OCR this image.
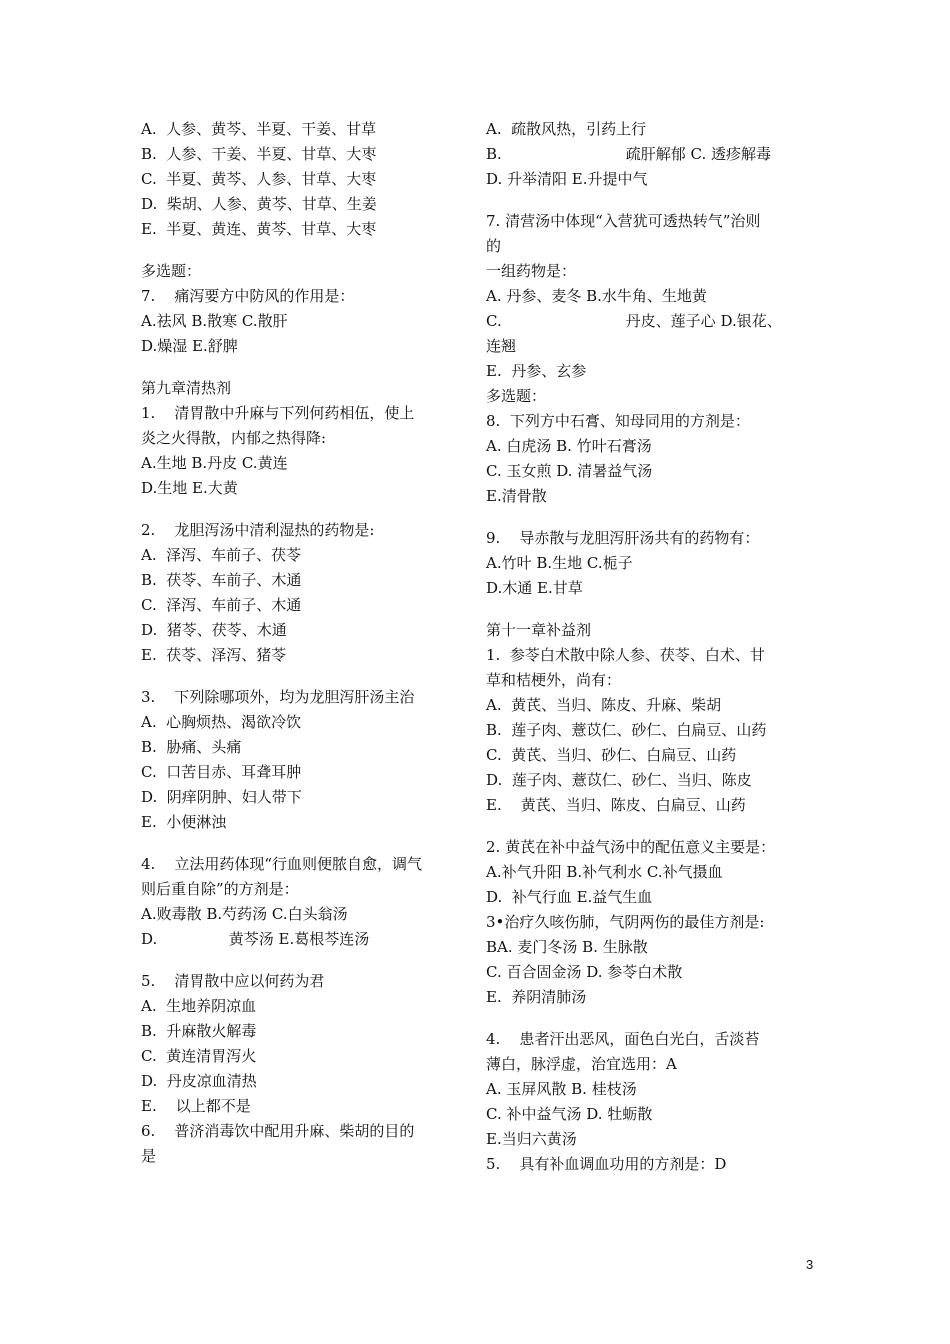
A.  人参、黄芩、半夏、干姜、甘草
B.  人参、干姜、半夏、甘草、大枣
C.  半夏、黄芩、人参、甘草、大枣
D.  柴胡、人参、黄芩、甘草、生姜
E.  半夏、黄连、黄芩、甘草、大枣
多选题：
7.    痛泻要方中防风的作用是：
A.祛风 B.散寒 C.散肝
D.燥湿 E.舒脾
第九章清热剂
1.    清胃散中升麻与下列何药相伍，使上
炎之火得散，内郁之热得降:
A.生地 B.丹皮 C.黄连
D.生地 E.大黄
2.    龙胆泻汤中清利湿热的药物是:
A.  泽泻、车前子、茯苓
B.  茯苓、车前子、木通
C.  泽泻、车前子、木通
D.  猪苓、茯苓、木通
E.  茯苓、泽泻、猪苓
3.    下列除哪项外，均为龙胆泻肝汤主治
A.  心胸烦热、渴欲冷饮
B.  胁痛、头痛
C.  口苦目赤、耳聋耳肿
D.  阴痒阴肿、妇人带下
E.  小便淋浊
4.    立法用药体现“行血则便脓自愈，调气
则后重自除”的方剂是：
A.败毒散 B.芍药汤 C.白头翁汤
D.               黄芩汤 E.葛根芩连汤
5.    清胃散中应以何药为君
A.  生地养阴凉血
B.  升麻散火解毒
C.  黄连清胃泻火
D.  丹皮凉血清热
E.    以上都不是
6.    普济消毒饮中配用升麻、柴胡的目的
是
A.  疏散风热，引药上行
B.                          疏肝解郁 C. 透疹解毒
D. 升举清阳 E.升提中气
7. 清营汤中体现“入营犹可透热转气”治则
的
一组药物是：
A. 丹参、麦冬 B.水牛角、生地黄
C.                          丹皮、莲子心 D.银花、
连翘
E.  丹参、玄参
多选题：
8.  下列方中石膏、知母同用的方剂是：
A. 白虎汤 B. 竹叶石膏汤
C. 玉女煎 D. 清暑益气汤
E.清骨散
9.    导赤散与龙胆泻肝汤共有的药物有：
A.竹叶 B.生地 C.栀子
D.木通 E.甘草
第十一章补益剂
1.  参苓白术散中除人参、茯苓、白术、甘
草和桔梗外，尚有：
A.  黄芪、当归、陈皮、升麻、柴胡
B.  莲子肉、薏苡仁、砂仁、白扁豆、山药
C.  黄芪、当归、砂仁、白扁豆、山药
D.  莲子肉、薏苡仁、砂仁、当归、陈皮
E.    黄芪、当归、陈皮、白扁豆、山药
2. 黄芪在补中益气汤中的配伍意义主要是：
A.补气升阳 B.补气利水 C.补气摄血
D.  补气行血 E.益气生血
3•治疗久咳伤肺，气阴两伤的最佳方剂是:
BA. 麦门冬汤 B. 生脉散
C. 百合固金汤 D. 参苓白术散
E.  养阴清肺汤
4.    患者汗出恶风，面色白光白，舌淡苔
薄白，脉浮虚，治宜选用：A
A. 玉屏风散 B. 桂枝汤
C. 补中益气汤 D. 牡蛎散
E.当归六黄汤
5.    具有补血调血功用的方剂是：D
3
